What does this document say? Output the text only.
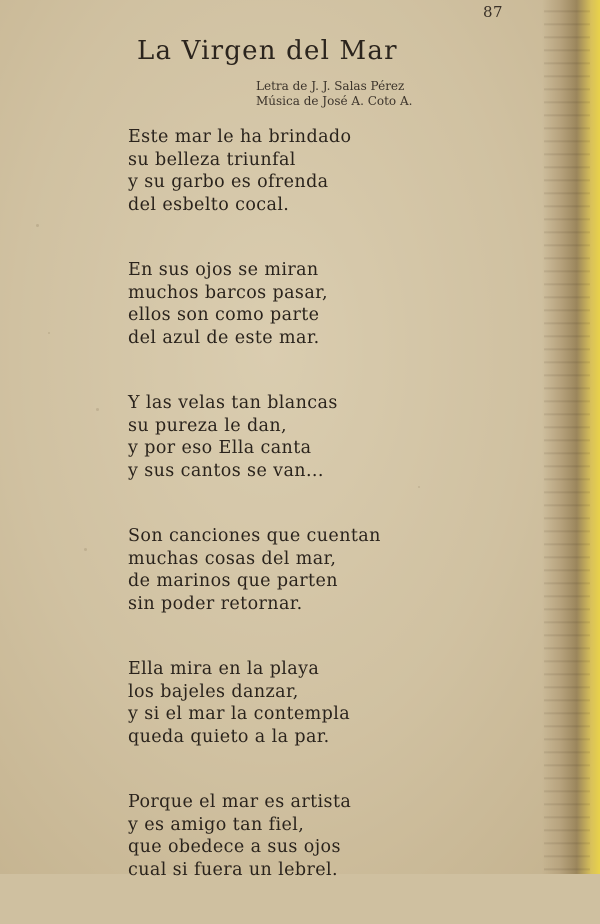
87
La Virgen del Mar
Letra de J. J. Salas Pérez
Música de José A. Coto A.
Este mar le ha brindado
su belleza triunfal
y su garbo es ofrenda
del esbelto cocal.
En sus ojos se miran
muchos barcos pasar,
ellos son como parte
del azul de este mar.
Y las velas tan blancas
su pureza le dan,
y por eso Ella canta
y sus cantos se van...
Son canciones que cuentan
muchas cosas del mar,
de marinos que parten
sin poder retornar.
Ella mira en la playa
los bajeles danzar,
y si el mar la contempla
queda quieto a la par.
Porque el mar es artista
y es amigo tan fiel,
que obedece a sus ojos
cual si fuera un lebrel.
